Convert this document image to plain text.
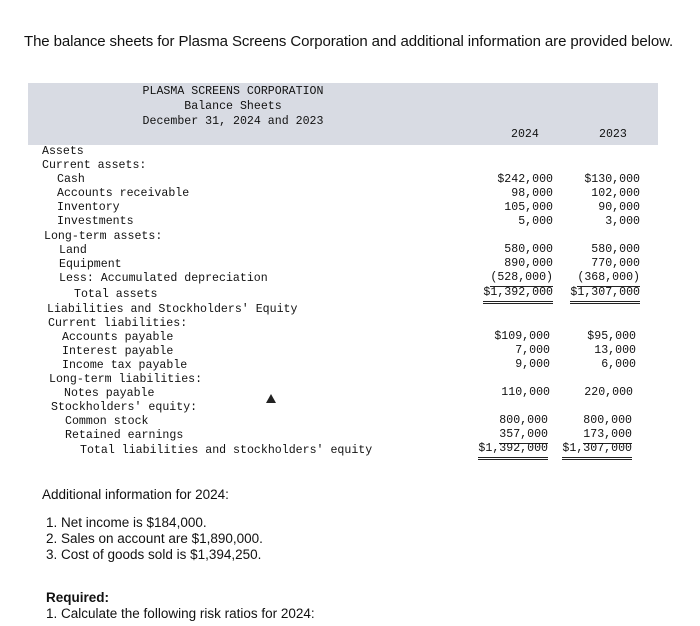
The balance sheets for Plasma Screens Corporation and additional information are provided below.
PLASMA SCREENS CORPORATION
Balance Sheets
December 31, 2024 and 2023
2024	2023
Assets
Current assets:
Cash	$242,000	$130,000
Accounts receivable	98,000	102,000
Inventory	105,000	90,000
Investments	5,000	3,000
Long-term assets:
Land	580,000	580,000
Equipment	890,000	770,000
Less: Accumulated depreciation	(528,000) (368,000)
Total assets	$1,392,000 $1,307,000
Liabilities and Stockholders' Equity
Current liabilities:
Accounts payable	$109,000	$95,000
Interest payable	7,000	13,000
Income tax payable	9,000	6,000
Long-term liabilities:
Notes payable	110,000	220,000
Stockholders' equity:
Common stock	800,000	800,000
Retained earnings	357,000	173,000
Total liabilities and stockholders' equity	$1,392,000 $1,307,000
Additional information for 2024:
1. Net income is $184,000.
2. Sales on account are $1,890,000.
3. Cost of goods sold is $1,394,250.
Required:
1. Calculate the following risk ratios for 2024:
